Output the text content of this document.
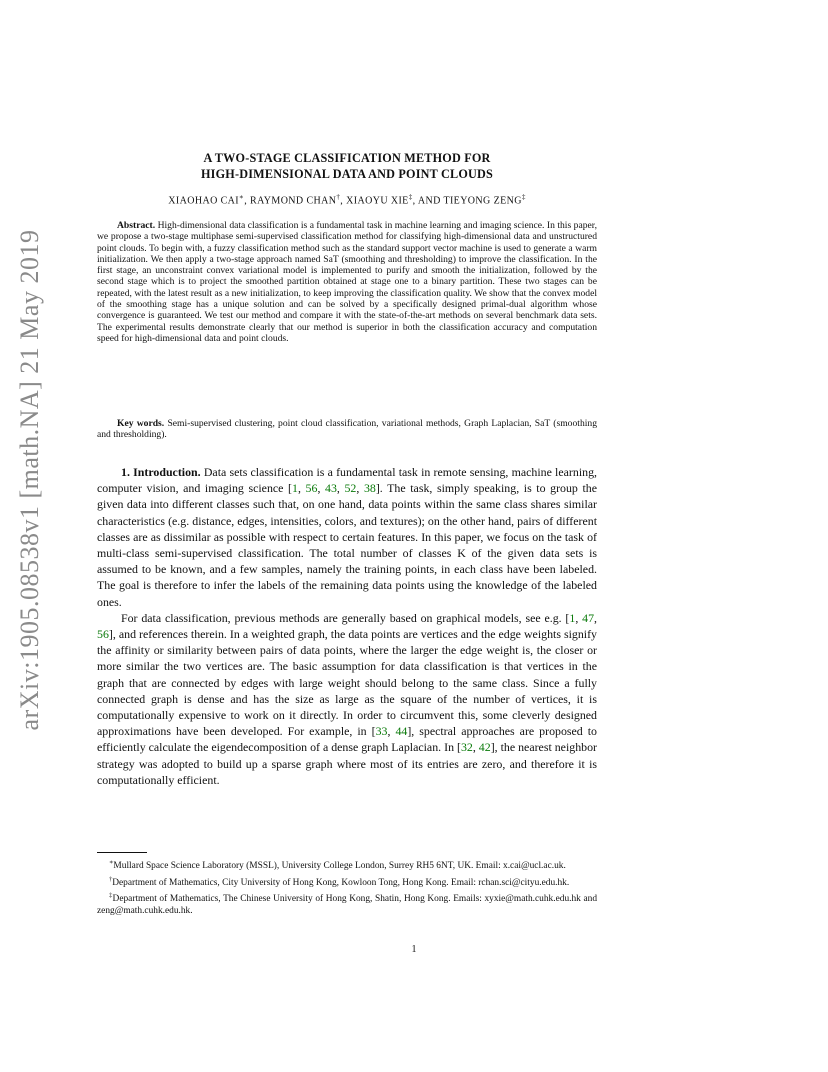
arXiv:1905.08538v1 [math.NA] 21 May 2019
A TWO-STAGE CLASSIFICATION METHOD FOR
HIGH-DIMENSIONAL DATA AND POINT CLOUDS
XIAOHAO CAI∗, RAYMOND CHAN†, XIAOYU XIE‡, AND TIEYONG ZENG‡

Abstract. High-dimensional data classification is a fundamental task in machine learning and imaging science. In this paper, we propose a two-stage multiphase semi-supervised classification method for classifying high-dimensional data and unstructured point clouds. To begin with, a fuzzy classification method such as the standard support vector machine is used to generate a warm initialization. We then apply a two-stage approach named SaT (smoothing and thresholding) to improve the classification. In the first stage, an unconstraint convex variational model is implemented to purify and smooth the initialization, followed by the second stage which is to project the smoothed partition obtained at stage one to a binary partition. These two stages can be repeated, with the latest result as a new initialization, to keep improving the classification quality. We show that the convex model of the smoothing stage has a unique solution and can be solved by a specifically designed primal-dual algorithm whose convergence is guaranteed. We test our method and compare it with the state-of-the-art methods on several benchmark data sets. The experimental results demonstrate clearly that our method is superior in both the classification accuracy and computation speed for high-dimensional data and point clouds.

Key words. Semi-supervised clustering, point cloud classification, variational methods, Graph Laplacian, SaT (smoothing and thresholding).

1. Introduction. Data sets classification is a fundamental task in remote sensing, machine learning, computer vision, and imaging science [1, 56, 43, 52, 38]. The task, simply speaking, is to group the given data into different classes such that, on one hand, data points within the same class shares similar characteristics (e.g. distance, edges, intensities, colors, and textures); on the other hand, pairs of different classes are as dissimilar as possible with respect to certain features. In this paper, we focus on the task of multi-class semi-supervised classification. The total number of classes K of the given data sets is assumed to be known, and a few samples, namely the training points, in each class have been labeled. The goal is therefore to infer the labels of the remaining data points using the knowledge of the labeled ones.

For data classification, previous methods are generally based on graphical models, see e.g. [1, 47, 56], and references therein. In a weighted graph, the data points are vertices and the edge weights signify the affinity or similarity between pairs of data points, where the larger the edge weight is, the closer or more similar the two vertices are. The basic assumption for data classification is that vertices in the graph that are connected by edges with large weight should belong to the same class. Since a fully connected graph is dense and has the size as large as the square of the number of vertices, it is computationally expensive to work on it directly. In order to circumvent this, some cleverly designed approximations have been developed. For example, in [33, 44], spectral approaches are proposed to efficiently calculate the eigendecomposition of a dense graph Laplacian. In [32, 42], the nearest neighbor strategy was adopted to build up a sparse graph where most of its entries are zero, and therefore it is computationally efficient.

∗Mullard Space Science Laboratory (MSSL), University College London, Surrey RH5 6NT, UK. Email: x.cai@ucl.ac.uk.

†Department of Mathematics, City University of Hong Kong, Kowloon Tong, Hong Kong. Email: rchan.sci@cityu.edu.hk.

‡Department of Mathematics, The Chinese University of Hong Kong, Shatin, Hong Kong. Emails: xyxie@math.cuhk.edu.hk and zeng@math.cuhk.edu.hk.

1
